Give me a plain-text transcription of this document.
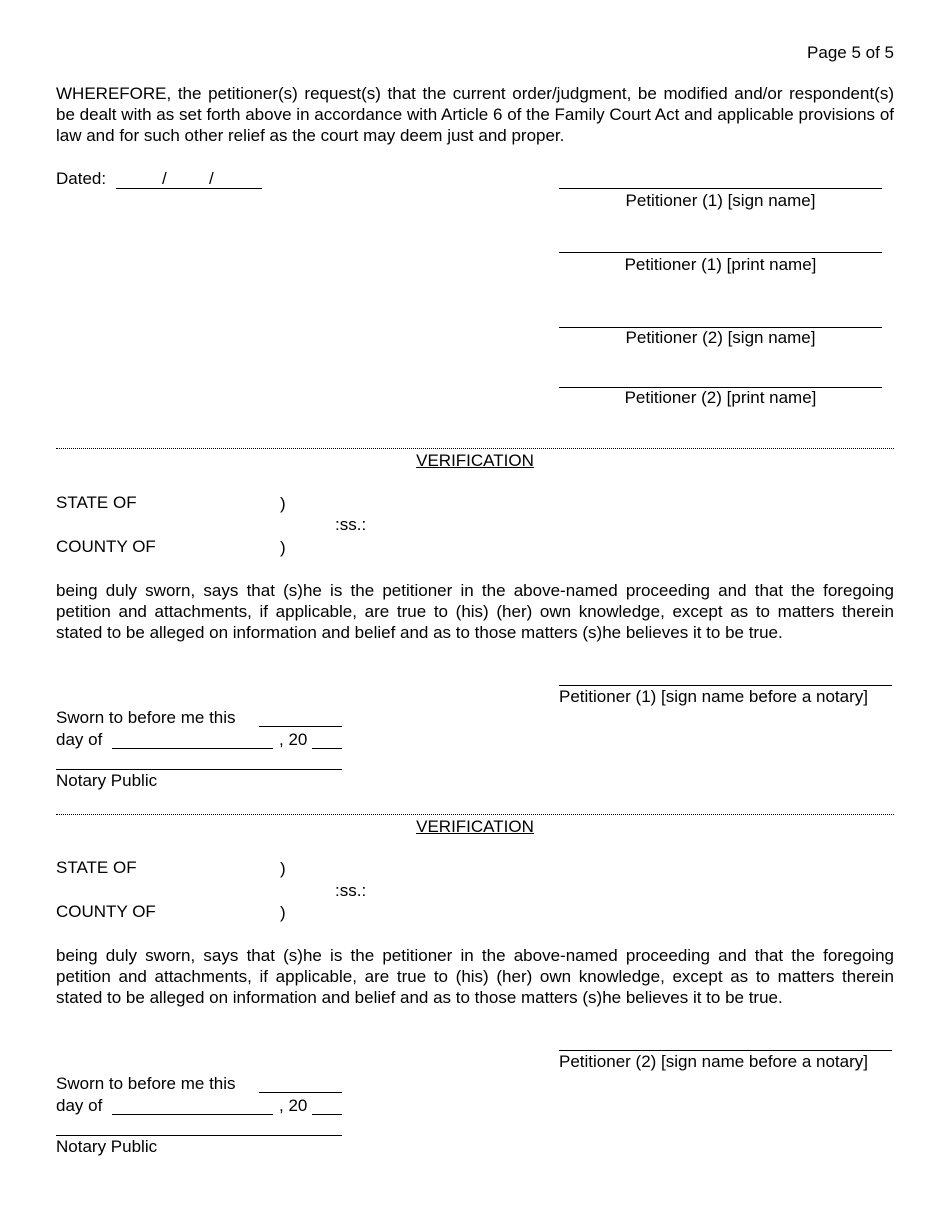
Page 5 of 5

WHEREFORE, the petitioner(s) request(s) that the current order/judgment, be modified and/or respondent(s) be dealt with as set forth above in accordance with Article 6 of the Family Court Act and applicable provisions of law and for such other relief as the court may deem just and proper.

Dated:	/ /
Petitioner (1) [sign name]
Petitioner (1) [print name]
Petitioner (2) [sign name]
Petitioner (2) [print name]
VERIFICATION
STATE OF	)
:ss.:
COUNTY OF	)

being duly sworn, says that (s)he is the petitioner in the above-named proceeding and that the foregoing petition and attachments, if applicable, are true to (his) (her) own knowledge, except as to matters therein stated to be alleged on information and belief and as to those matters (s)he believes it to be true.

Petitioner (1) [sign name before a notary]
Sworn to before me this
day of	, 20
Notary Public
VERIFICATION
STATE OF	)
:ss.:
COUNTY OF	)

being duly sworn, says that (s)he is the petitioner in the above-named proceeding and that the foregoing petition and attachments, if applicable, are true to (his) (her) own knowledge, except as to matters therein stated to be alleged on information and belief and as to those matters (s)he believes it to be true.

Petitioner (2) [sign name before a notary]
Sworn to before me this
day of	, 20
Notary Public
